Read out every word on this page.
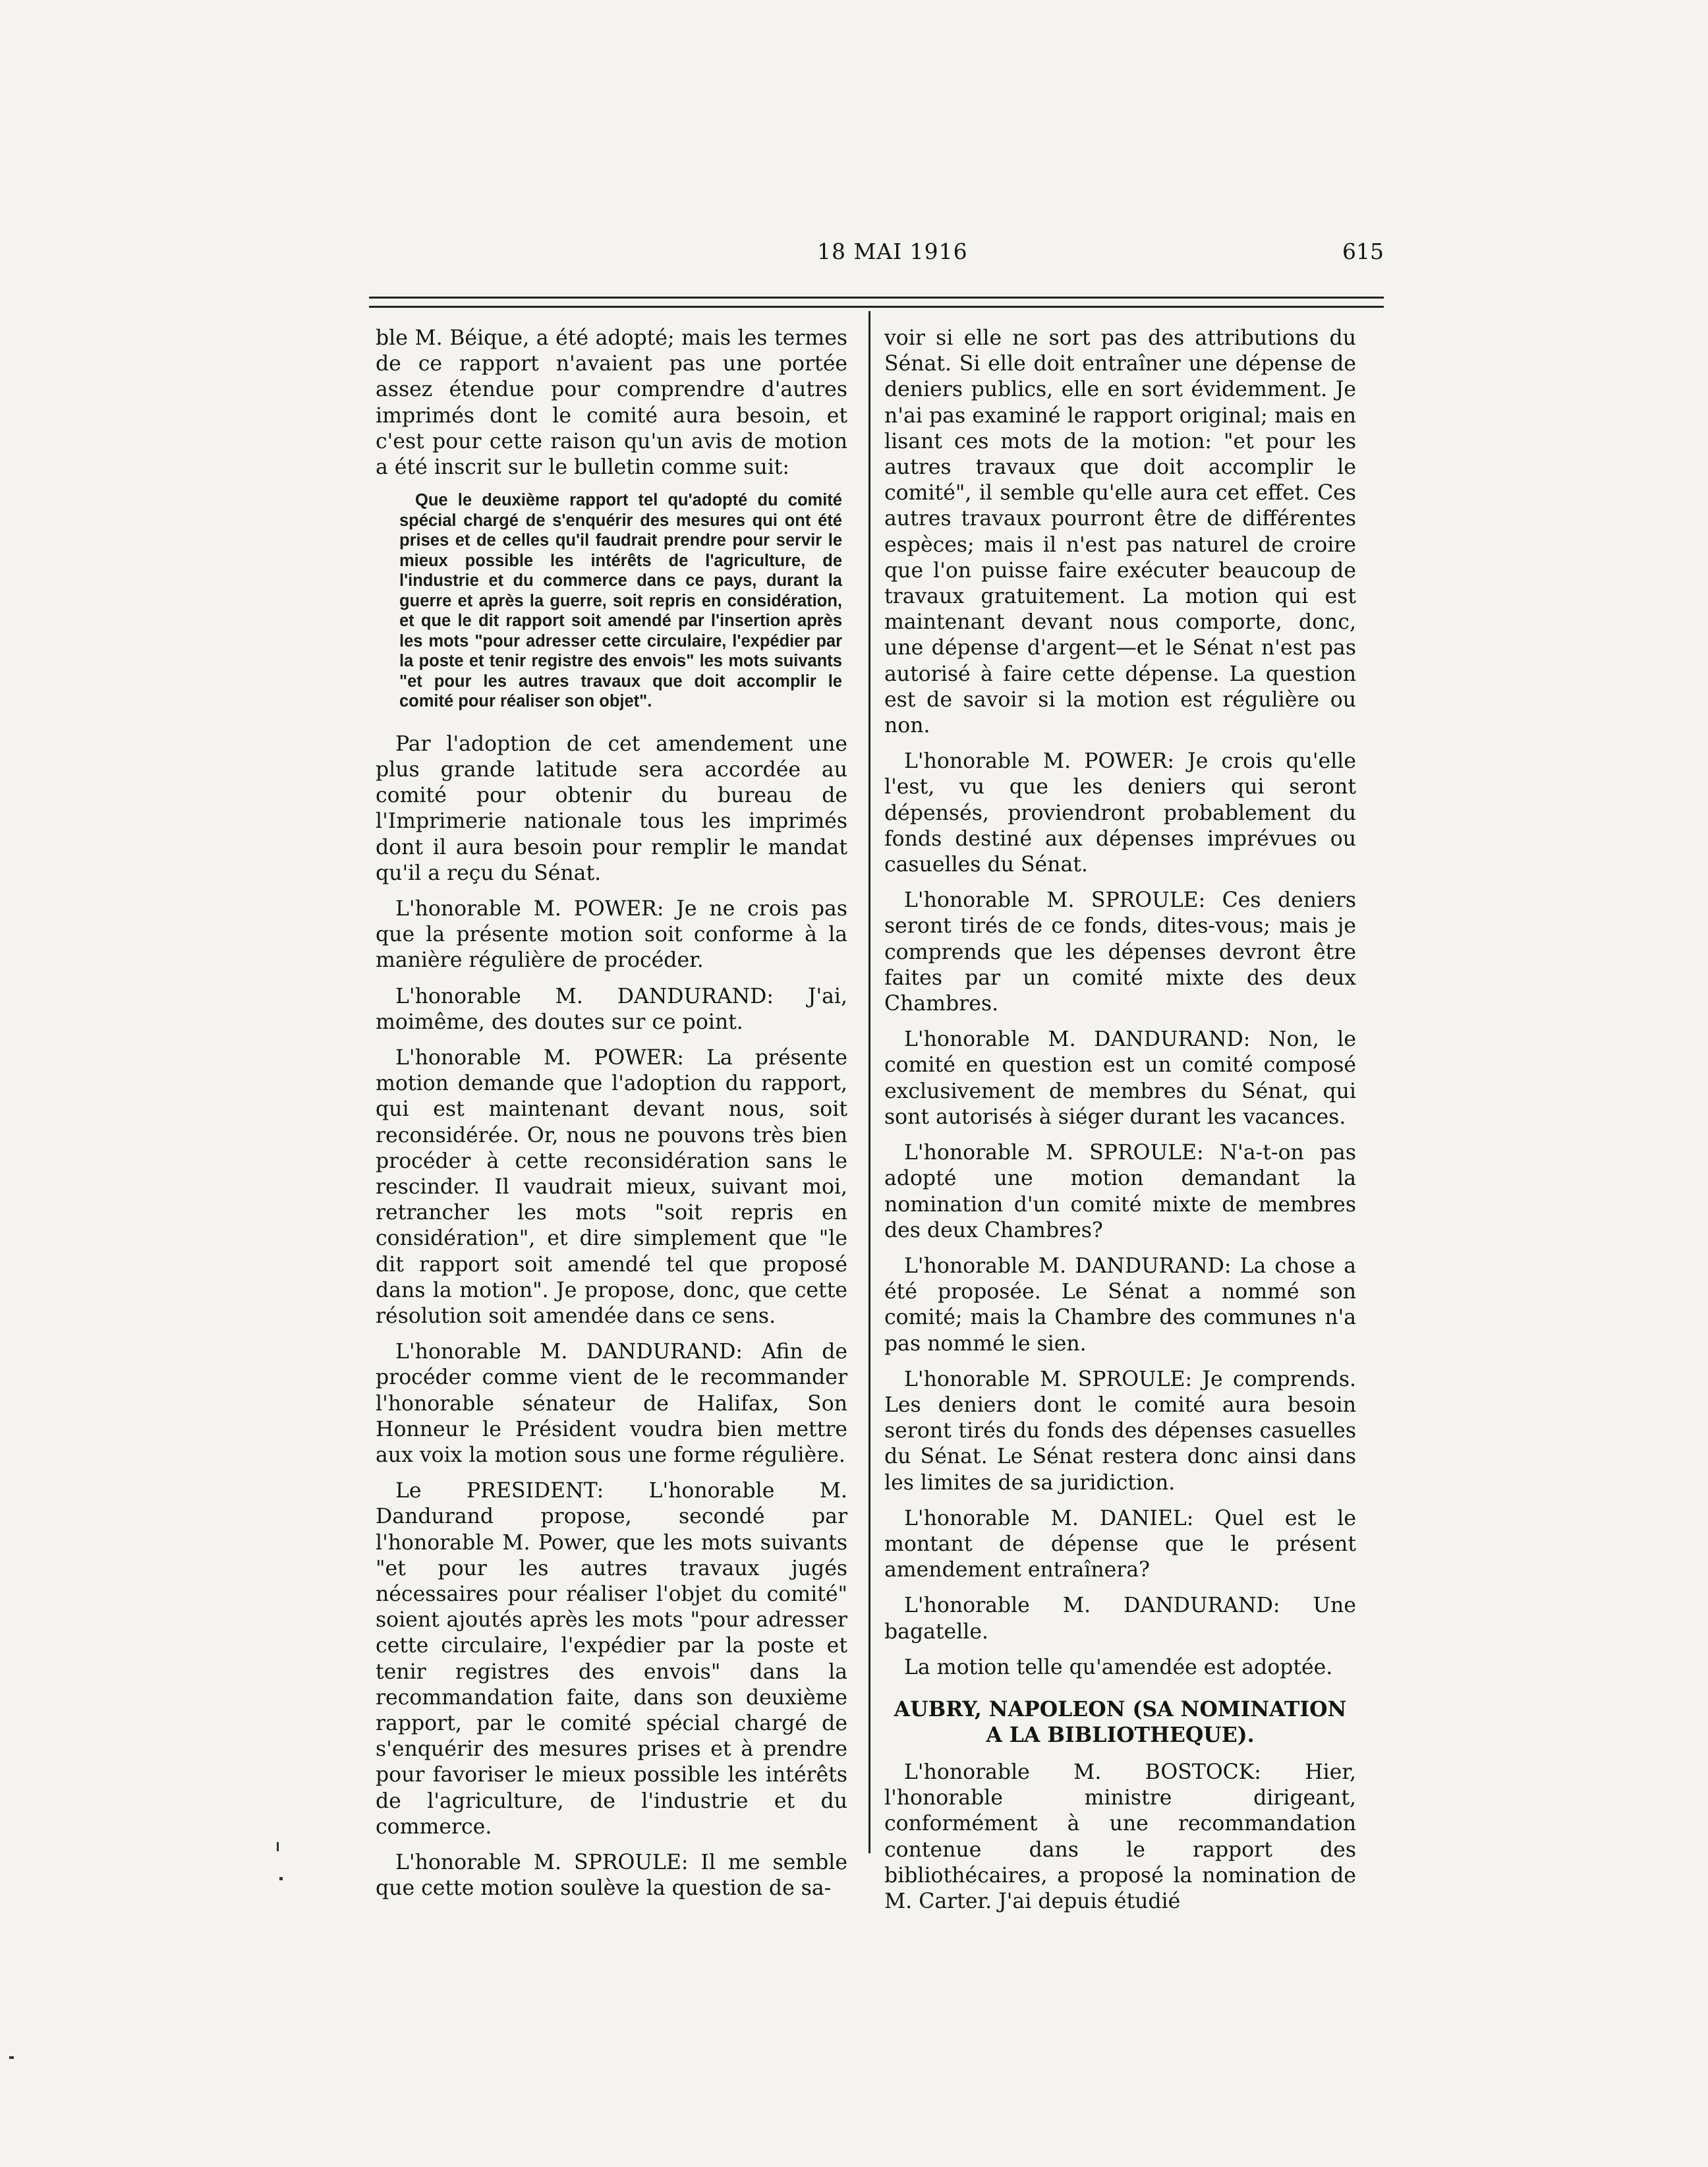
18 MAI 1916	615

ble M. Béique, a été adopté; mais les termes de ce rapport n'avaient pas une portée assez étendue pour comprendre d'autres imprimés dont le comité aura besoin, et c'est pour cette raison qu'un avis de motion a été inscrit sur le bulletin comme suit:

Que le deuxième rapport tel qu'adopté du comité spécial chargé de s'enquérir des mesures qui ont été prises et de celles qu'il faudrait prendre pour servir le mieux possible les intérêts de l'agriculture, de l'industrie et du commerce dans ce pays, durant la guerre et après la guerre, soit repris en considération, et que le dit rapport soit amendé par l'insertion après les mots "pour adresser cette circulaire, l'expédier par la poste et tenir registre des envois" les mots suivants "et pour les autres travaux que doit accomplir le comité pour réaliser son objet".

Par l'adoption de cet amendement une plus grande latitude sera accordée au comité pour obtenir du bureau de l'Imprimerie nationale tous les imprimés dont il aura besoin pour remplir le mandat qu'il a reçu du Sénat.

L'honorable M. POWER: Je ne crois pas que la présente motion soit conforme à la manière régulière de procéder.

L'honorable M. DANDURAND: J'ai, moimême, des doutes sur ce point.

L'honorable M. POWER: La présente motion demande que l'adoption du rapport, qui est maintenant devant nous, soit reconsidérée. Or, nous ne pouvons très bien procéder à cette reconsidération sans le rescinder. Il vaudrait mieux, suivant moi, retrancher les mots "soit repris en considération", et dire simplement que "le dit rapport soit amendé tel que proposé dans la motion". Je propose, donc, que cette résolution soit amendée dans ce sens.

L'honorable M. DANDURAND: Afin de procéder comme vient de le recommander l'honorable sénateur de Halifax, Son Honneur le Président voudra bien mettre aux voix la motion sous une forme régulière.

Le PRESIDENT: L'honorable M. Dandurand propose, secondé par l'honorable M. Power, que les mots suivants "et pour les autres travaux jugés nécessaires pour réaliser l'objet du comité" soient ajoutés après les mots "pour adresser cette circulaire, l'expédier par la poste et tenir registres des envois" dans la recommandation faite, dans son deuxième rapport, par le comité spécial chargé de s'enquérir des mesures prises et à prendre pour favoriser le mieux possible les intérêts de l'agriculture, de l'industrie et du commerce.

L'honorable M. SPROULE: Il me semble que cette motion soulève la question de sa-

voir si elle ne sort pas des attributions du Sénat. Si elle doit entraîner une dépense de deniers publics, elle en sort évidemment. Je n'ai pas examiné le rapport original; mais en lisant ces mots de la motion: "et pour les autres travaux que doit accomplir le comité", il semble qu'elle aura cet effet. Ces autres travaux pourront être de différentes espèces; mais il n'est pas naturel de croire que l'on puisse faire exécuter beaucoup de travaux gratuitement. La motion qui est maintenant devant nous comporte, donc, une dépense d'argent—et le Sénat n'est pas autorisé à faire cette dépense. La question est de savoir si la motion est régulière ou non.

L'honorable M. POWER: Je crois qu'elle l'est, vu que les deniers qui seront dépensés, proviendront probablement du fonds destiné aux dépenses imprévues ou casuelles du Sénat.

L'honorable M. SPROULE: Ces deniers seront tirés de ce fonds, dites-vous; mais je comprends que les dépenses devront être faites par un comité mixte des deux Chambres.

L'honorable M. DANDURAND: Non, le comité en question est un comité composé exclusivement de membres du Sénat, qui sont autorisés à siéger durant les vacances.

L'honorable M. SPROULE: N'a-t-on pas adopté une motion demandant la nomination d'un comité mixte de membres des deux Chambres?

L'honorable M. DANDURAND: La chose a été proposée. Le Sénat a nommé son comité; mais la Chambre des communes n'a pas nommé le sien.

L'honorable M. SPROULE: Je comprends. Les deniers dont le comité aura besoin seront tirés du fonds des dépenses casuelles du Sénat. Le Sénat restera donc ainsi dans les limites de sa juridiction.

L'honorable M. DANIEL: Quel est le montant de dépense que le présent amendement entraînera?

L'honorable M. DANDURAND: Une bagatelle.

La motion telle qu'amendée est adoptée.

AUBRY, NAPOLEON (SA NOMINATION A LA BIBLIOTHEQUE).

L'honorable M. BOSTOCK: Hier, l'honorable ministre dirigeant, conformément à une recommandation contenue dans le rapport des bibliothécaires, a proposé la nomination de M. Carter. J'ai depuis étudié
